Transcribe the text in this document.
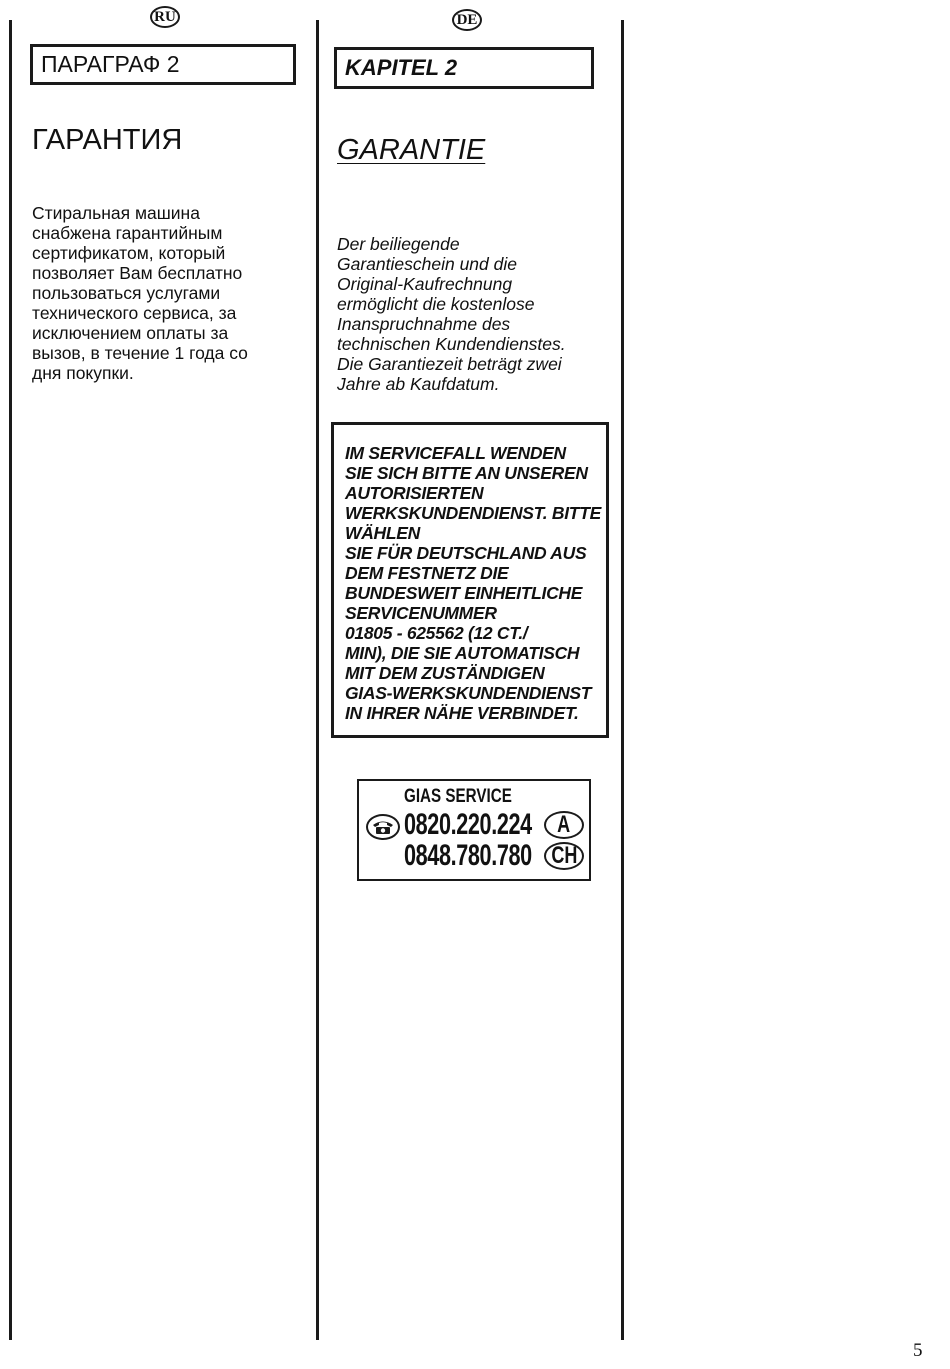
RU
ПАРАГРАФ 2
ГАРАНТИЯ
Стиральная машина
снабжена гарантийным
сертификатом, который
позволяет Вам бесплатно
пользоваться услугами
технического сервиса, за
исключением оплаты за
вызов, в течение 1 года со
дня покупки.
DE
KAPITEL 2
GARANTIE
Der beiliegende
Garantieschein und die
Original-Kaufrechnung
ermöglicht die kostenlose
Inanspruchnahme des
technischen Kundendienstes.
Die Garantiezeit beträgt zwei
Jahre ab Kaufdatum.
IM SERVICEFALL WENDEN
SIE SICH BITTE AN UNSEREN
AUTORISIERTEN
WERKSKUNDENDIENST. BITTE
WÄHLEN
SIE FÜR DEUTSCHLAND AUS
DEM FESTNETZ DIE
BUNDESWEIT EINHEITLICHE
SERVICENUMMER
01805 - 625562 (12 CT./
MIN), DIE SIE AUTOMATISCH
MIT DEM ZUSTÄNDIGEN
GIAS-WERKSKUNDENDIENST
IN IHRER NÄHE VERBINDET.
GIAS SERVICE
0820.220.224
0848.780.780
A
CH
5
